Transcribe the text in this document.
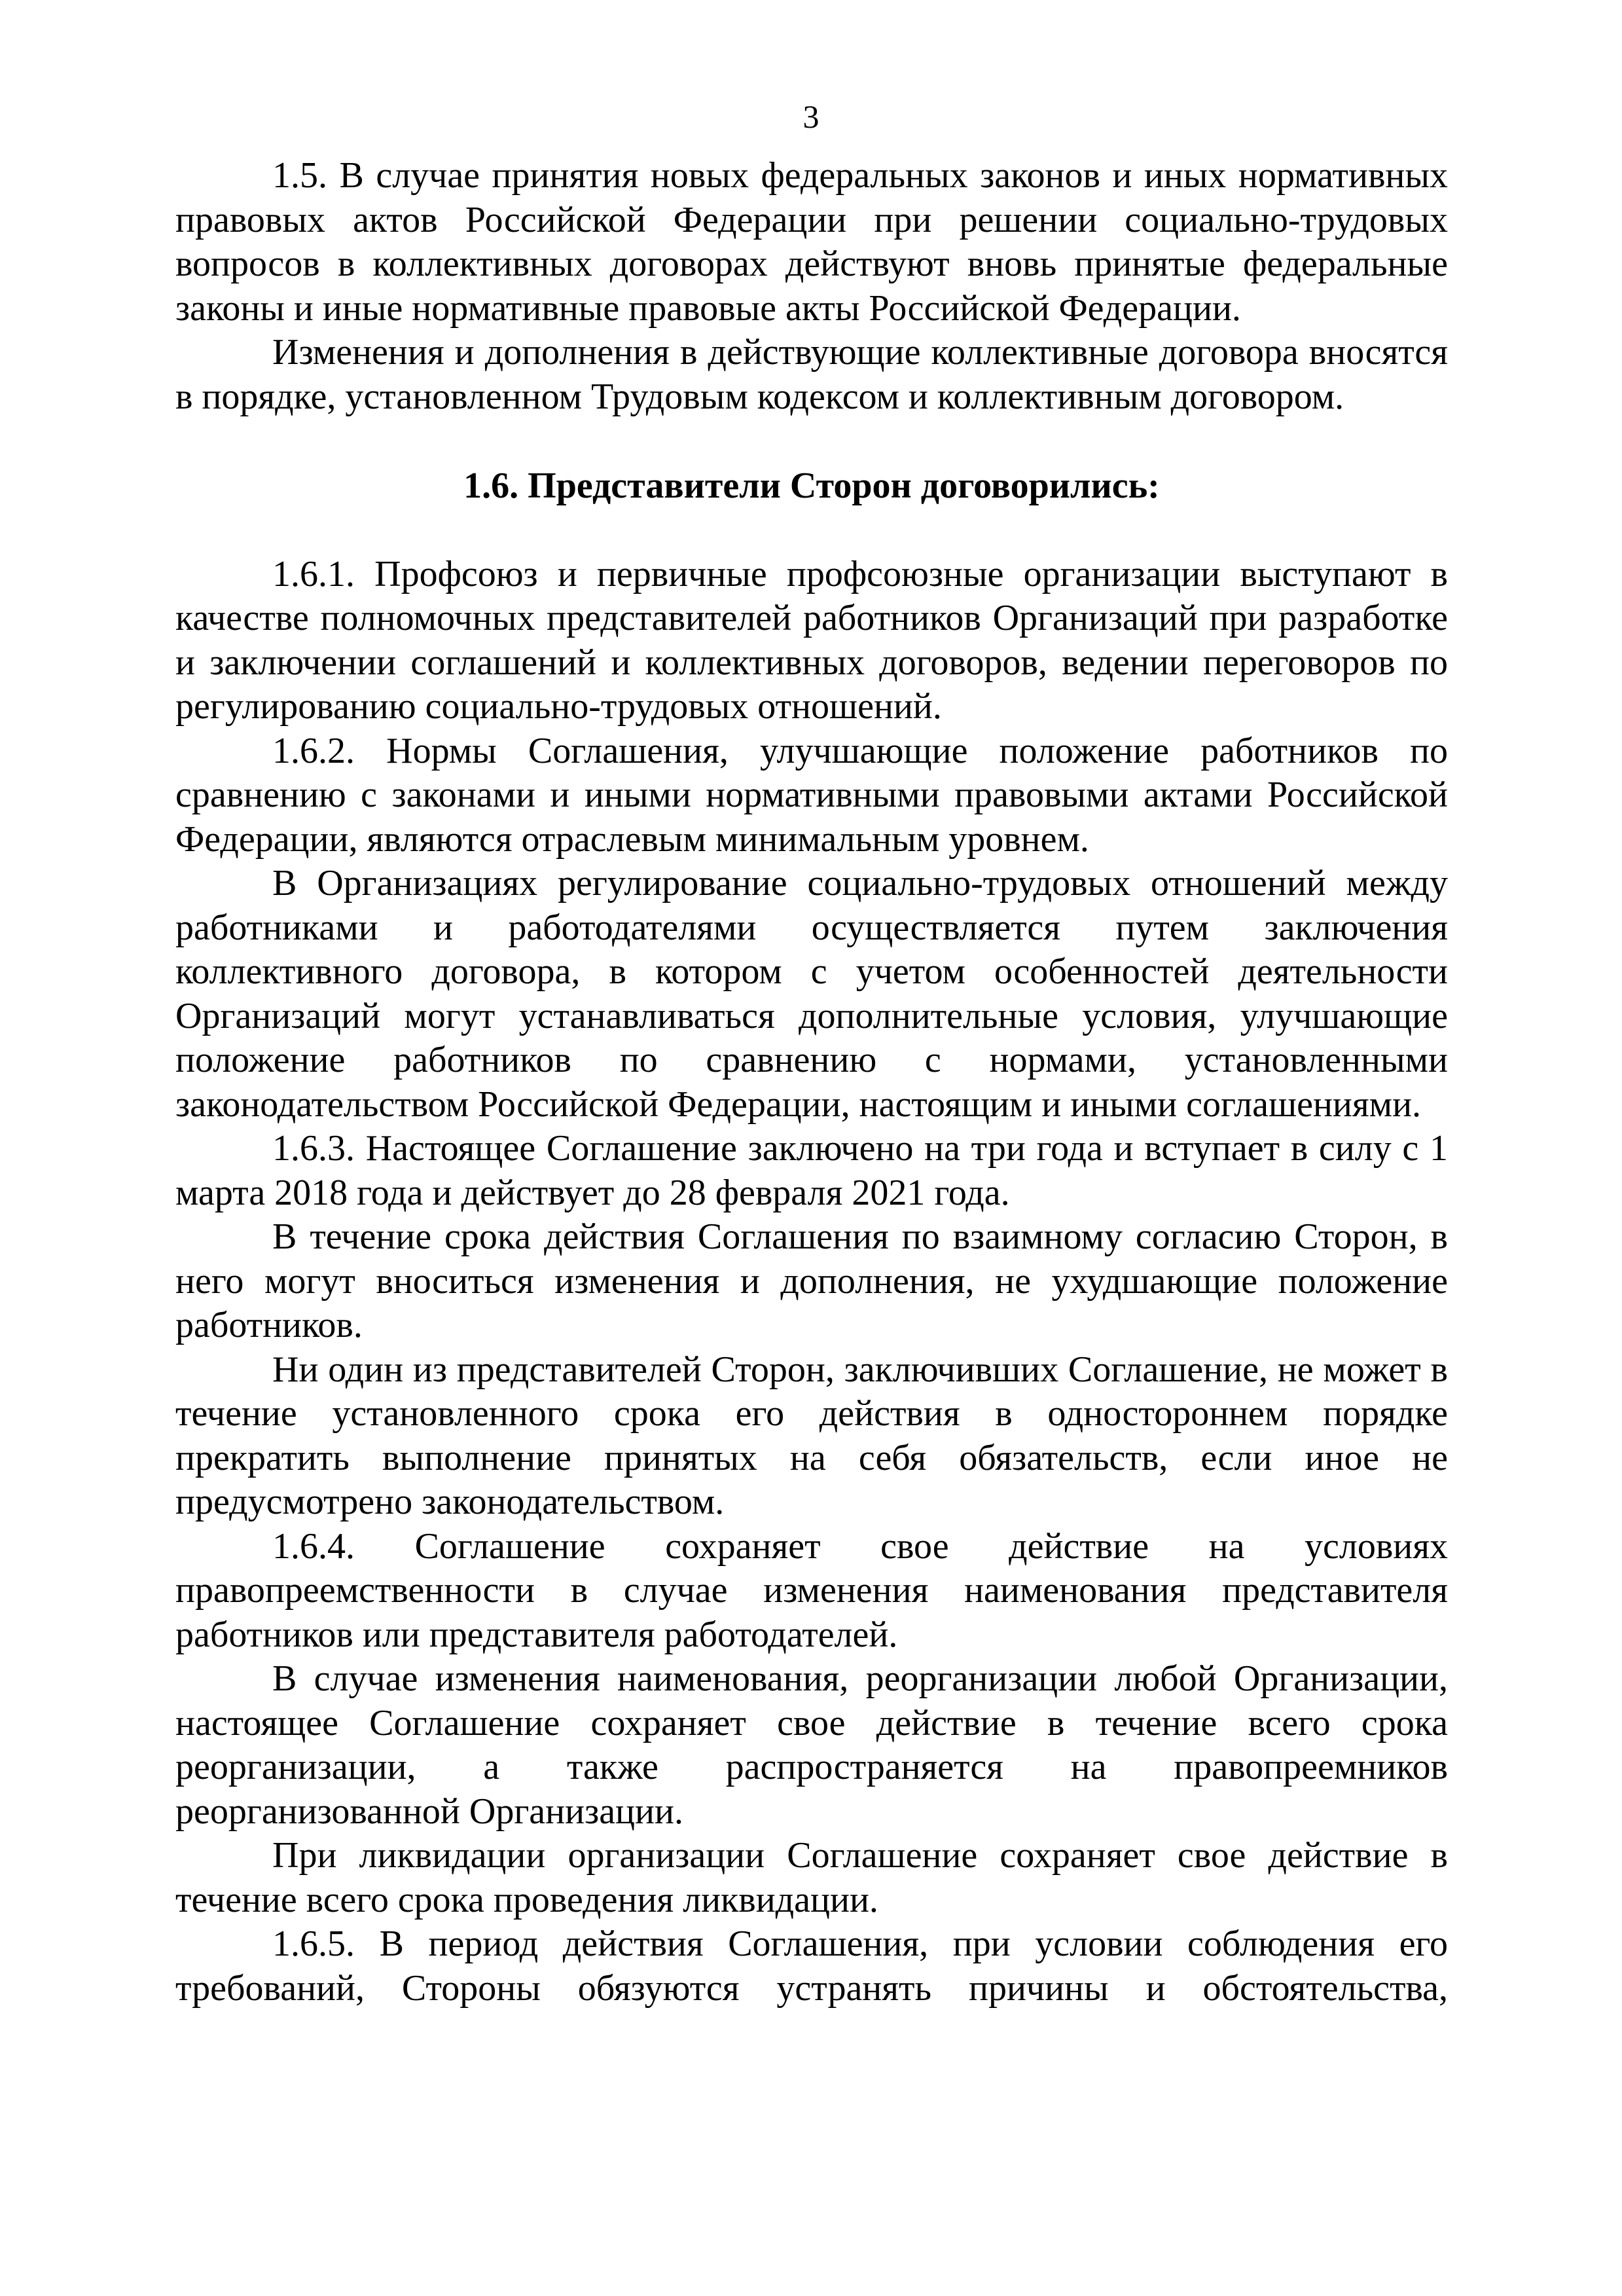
3

1.5. В случае принятия новых федеральных законов и иных нормативных правовых актов Российской Федерации при решении социально-трудовых вопросов в коллективных договорах действуют вновь принятые федеральные законы и иные нормативные правовые акты Российской Федерации.

Изменения и дополнения в действующие коллективные договора вносятся в порядке, установленном Трудовым кодексом и коллективным договором.

1.6. Представители Сторон договорились:

1.6.1. Профсоюз и первичные профсоюзные организации выступают в качестве полномочных представителей работников Организаций при разработке и заключении соглашений и коллективных договоров, ведении переговоров по регулированию социально-трудовых отношений.

1.6.2. Нормы Соглашения, улучшающие положение работников по сравнению с законами и иными нормативными правовыми актами Российской Федерации, являются отраслевым минимальным уровнем.

В Организациях регулирование социально-трудовых отношений между работниками и работодателями осуществляется путем заключения коллективного договора, в котором с учетом особенностей деятельности Организаций могут устанавливаться дополнительные условия, улучшающие положение работников по сравнению с нормами, установленными законодательством Российской Федерации, настоящим и иными соглашениями.

1.6.3. Настоящее Соглашение заключено на три года и вступает в силу с 1 марта 2018 года и действует до 28 февраля 2021 года.

В течение срока действия Соглашения по взаимному согласию Сторон, в него могут вноситься изменения и дополнения, не ухудшающие положение работников.

Ни один из представителей Сторон, заключивших Соглашение, не может в течение установленного срока его действия в одностороннем порядке прекратить выполнение принятых на себя обязательств, если иное не предусмотрено законодательством.

1.6.4. Соглашение сохраняет свое действие на условиях правопреемственности в случае изменения наименования представителя работников или представителя работодателей.

В случае изменения наименования, реорганизации любой Организации, настоящее Соглашение сохраняет свое действие в течение всего срока реорганизации, а также распространяется на правопреемников реорганизованной Организации.

При ликвидации организации Соглашение сохраняет свое действие в течение всего срока проведения ликвидации.

1.6.5. В период действия Соглашения, при условии соблюдения его требований, Стороны обязуются устранять причины и обстоятельства,
